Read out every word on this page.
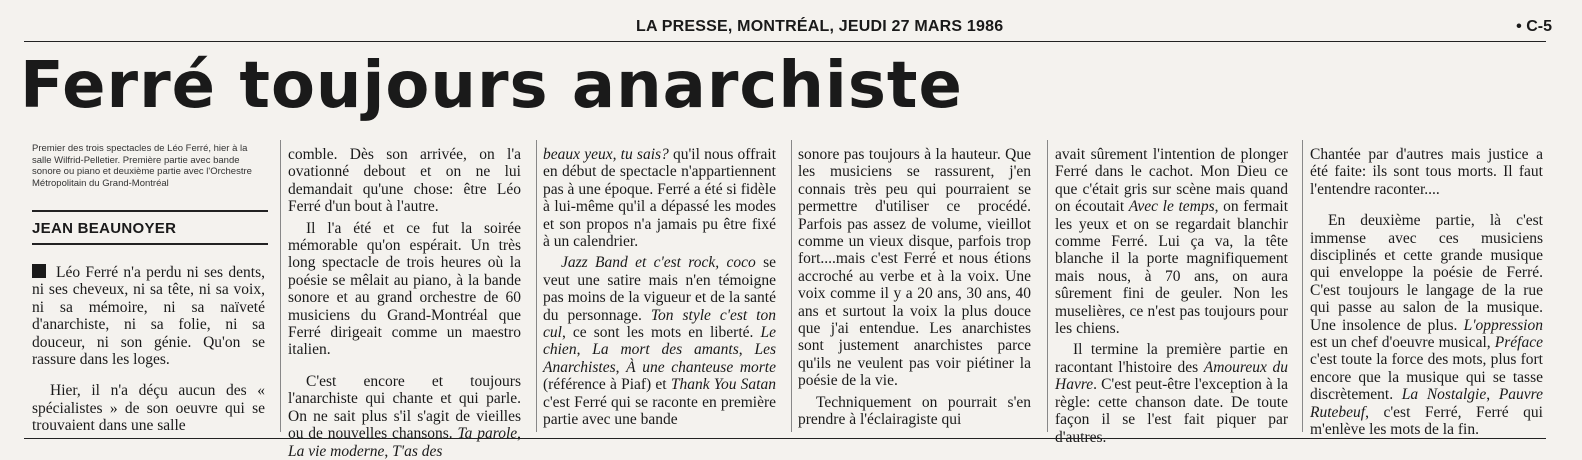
LA PRESSE, MONTRÉAL, JEUDI 27 MARS 1986	• C-5
Ferré toujours anarchiste
Premier des trois spectacles de Léo Ferré, hier à la salle Wilfrid-Pelletier. Première partie avec bande sonore ou piano et deuxième partie avec l'Orchestre Métropolitain du Grand-Montréal
JEAN BEAUNOYER

Léo Ferré n'a perdu ni ses dents, ni ses cheveux, ni sa tête, ni sa voix, ni sa mémoire, ni sa naïveté d'anarchiste, ni sa folie, ni sa douceur, ni son génie. Qu'on se rassure dans les loges.

Hier, il n'a déçu aucun des « spécialistes » de son oeuvre qui se trouvaient dans une salle

comble. Dès son arrivée, on l'a ovationné debout et on ne lui demandait qu'une chose: être Léo Ferré d'un bout à l'autre.

Il l'a été et ce fut la soirée mémorable qu'on espérait. Un très long spectacle de trois heures où la poésie se mêlait au piano, à la bande sonore et au grand orchestre de 60 musiciens du Grand-Montréal que Ferré dirigeait comme un maestro italien.

C'est encore et toujours l'anarchiste qui chante et qui parle. On ne sait plus s'il s'agit de vieilles ou de nouvelles chansons. Ta parole, La vie moderne, T'as des

beaux yeux, tu sais? qu'il nous offrait en début de spectacle n'appartiennent pas à une époque. Ferré a été si fidèle à lui-même qu'il a dépassé les modes et son propos n'a jamais pu être fixé à un calendrier.

Jazz Band et c'est rock, coco se veut une satire mais n'en témoigne pas moins de la vigueur et de la santé du personnage. Ton style c'est ton cul, ce sont les mots en liberté. Le chien, La mort des amants, Les Anarchistes, À une chanteuse morte (référence à Piaf) et Thank You Satan c'est Ferré qui se raconte en première partie avec une bande

sonore pas toujours à la hauteur. Que les musiciens se rassurent, j'en connais très peu qui pourraient se permettre d'utiliser ce procédé. Parfois pas assez de volume, vieillot comme un vieux disque, parfois trop fort....mais c'est Ferré et nous étions accroché au verbe et à la voix. Une voix comme il y a 20 ans, 30 ans, 40 ans et surtout la voix la plus douce que j'ai entendue. Les anarchistes sont justement anarchistes parce qu'ils ne veulent pas voir piétiner la poésie de la vie.

Techniquement on pourrait s'en prendre à l'éclairagiste qui

avait sûrement l'intention de plonger Ferré dans le cachot. Mon Dieu ce que c'était gris sur scène mais quand on écoutait Avec le temps, on fermait les yeux et on se regardait blanchir comme Ferré. Lui ça va, la tête blanche il la porte magnifiquement mais nous, à 70 ans, on aura sûrement fini de geuler. Non les muselières, ce n'est pas toujours pour les chiens.

Il termine la première partie en racontant l'histoire des Amoureux du Havre. C'est peut-être l'exception à la règle: cette chanson date. De toute façon il se l'est fait piquer par d'autres.

Chantée par d'autres mais justice a été faite: ils sont tous morts. Il faut l'entendre raconter....

En deuxième partie, là c'est immense avec ces musiciens disciplinés et cette grande musique qui enveloppe la poésie de Ferré. C'est toujours le langage de la rue qui passe au salon de la musique. Une insolence de plus. L'oppression est un chef d'oeuvre musical, Préface c'est toute la force des mots, plus fort encore que la musique qui se tasse discrètement. La Nostalgie, Pauvre Rutebeuf, c'est Ferré, Ferré qui m'enlève les mots de la fin.
